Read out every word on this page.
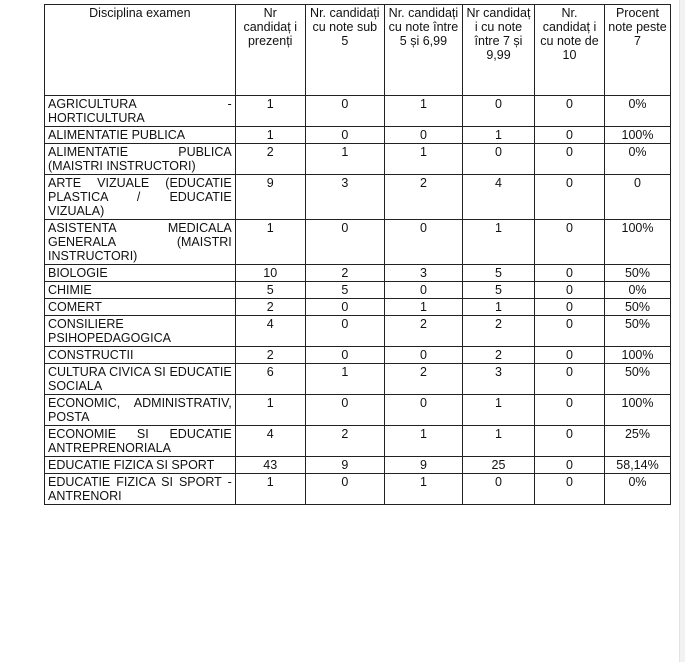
Disciplina examen	Nr candidaț i prezenți	Nr. candidați cu note sub 5	Nr. candidați cu note între 5 și 6,99	Nr candidaț i cu note între 7 și 9,99	Nr. candidaț i cu note de 10	Procent note peste 7
AGRICULTURA - HORTICULTURA	1	0	1	0	0	0%
ALIMENTATIE PUBLICA	1	0	0	1	0	100%
ALIMENTATIE PUBLICA (MAISTRI INSTRUCTORI)	2	1	1	0	0	0%
ARTE VIZUALE (EDUCATIE PLASTICA / EDUCATIE VIZUALA)	9	3	2	4	0	0
ASISTENTA MEDICALA GENERALA (MAISTRI INSTRUCTORI)	1	0	0	1	0	100%
BIOLOGIE	10	2	3	5	0	50%
CHIMIE	5	5	0	5	0	0%
COMERT	2	0	1	1	0	50%
CONSILIERE PSIHOPEDAGOGICA	4	0	2	2	0	50%
CONSTRUCTII	2	0	0	2	0	100%
CULTURA CIVICA SI EDUCATIE SOCIALA	6	1	2	3	0	50%
ECONOMIC, ADMINISTRATIV, POSTA	1	0	0	1	0	100%
ECONOMIE SI EDUCATIE ANTREPRENORIALA	4	2	1	1	0	25%
EDUCATIE FIZICA SI SPORT	43	9	9	25	0	58,14%
EDUCATIE FIZICA SI SPORT - ANTRENORI	1	0	1	0	0	0%
